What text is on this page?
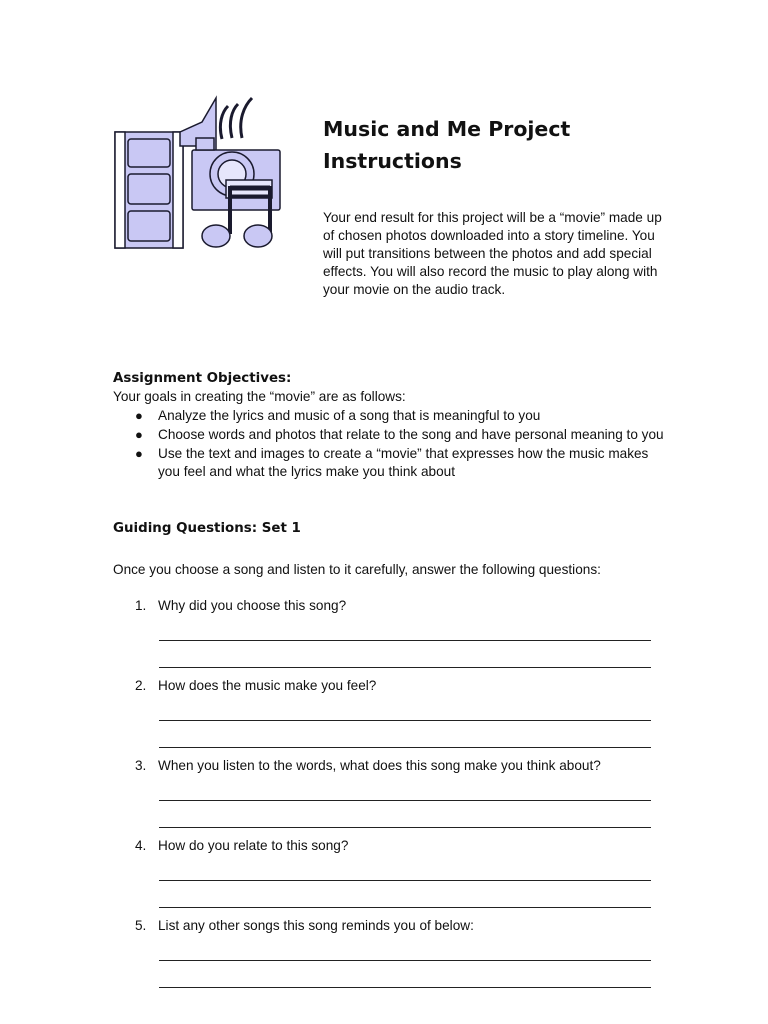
Music and Me Project Instructions

Your end result for this project will be a “movie” made up of chosen photos downloaded into a story timeline. You will put transitions between the photos and add special effects. You will also record the music to play along with your movie on the audio track.

Assignment Objectives:

Your goals in creating the “movie” are as follows:

● Analyze the lyrics and music of a song that is meaningful to you
● Choose words and photos that relate to the song and have personal meaning to you
● Use the text and images to create a “movie” that expresses how the music makes you feel and what the lyrics make you think about
Guiding Questions: Set 1

Once you choose a song and listen to it carefully, answer the following questions:

1. Why did you choose this song?
2. How does the music make you feel?
3. When you listen to the words, what does this song make you think about?
4. How do you relate to this song?
5. List any other songs this song reminds you of below:
